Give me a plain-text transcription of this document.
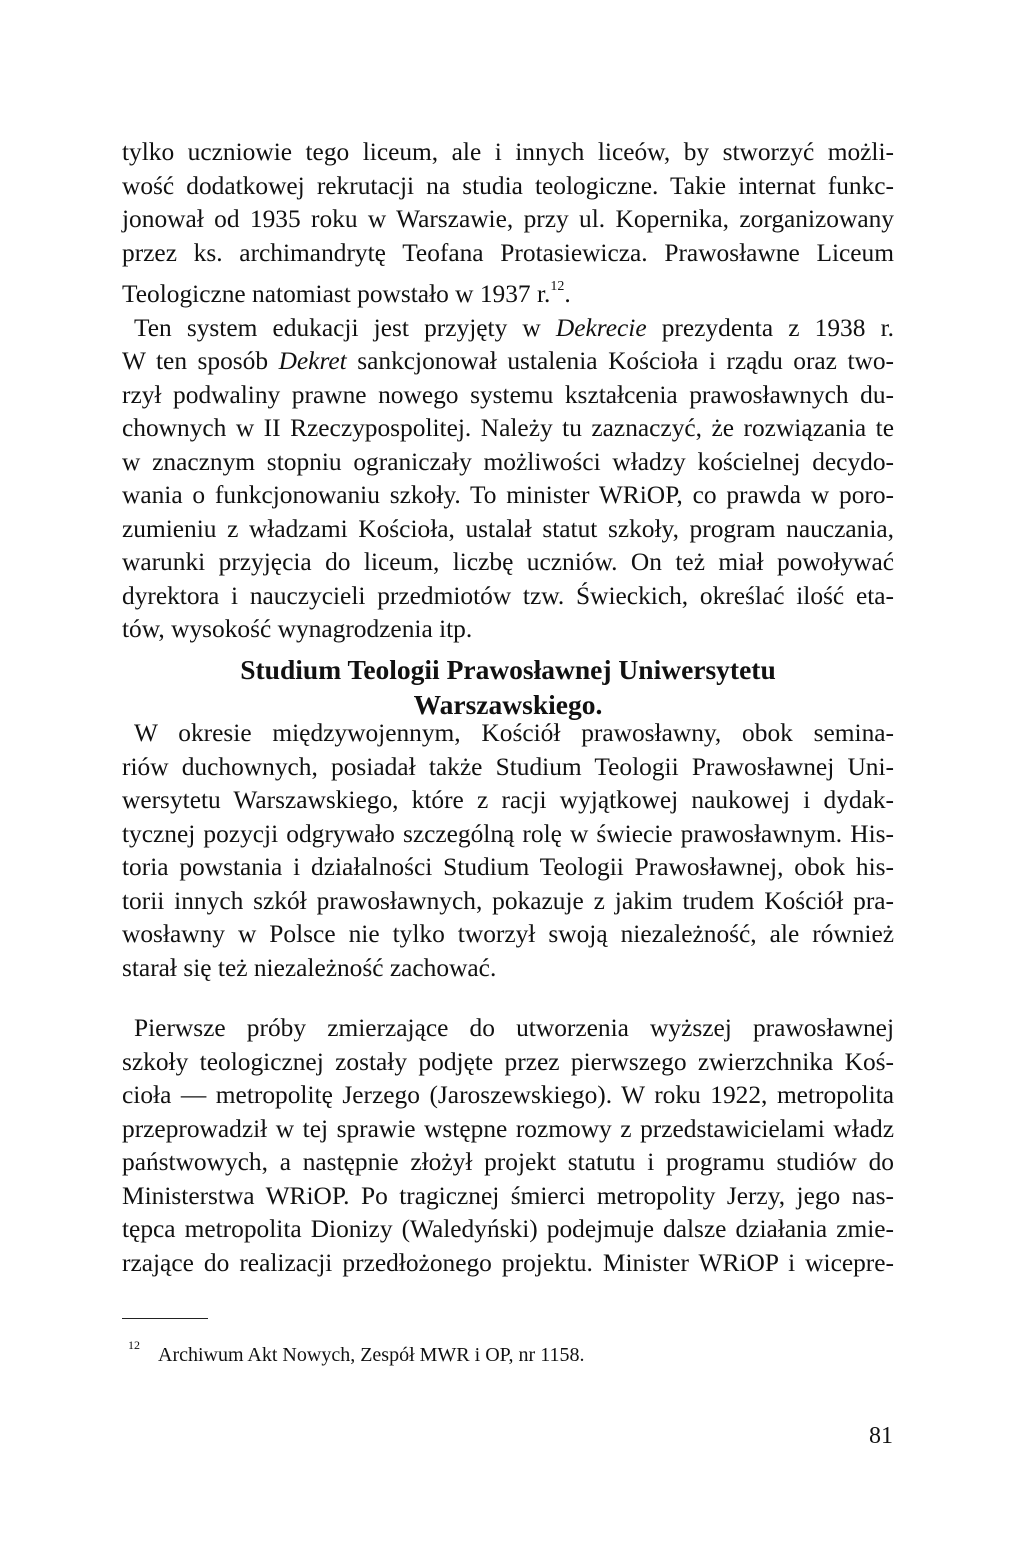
tylko uczniowie tego liceum, ale i innych liceów, by stworzyć możli-
wość dodatkowej rekrutacji na studia teologiczne. Takie internat funkc-
jonował od 1935 roku w Warszawie, przy ul. Kopernika, zorganizowany
przez ks. archimandrytę Teofana Protasiewicza. Prawosławne Liceum
Teologiczne natomiast powstało w 1937 r.$^{12}$.
Ten system edukacji jest przyjęty w Dekrecie prezydenta z 1938 r.
W ten sposób Dekret sankcjonował ustalenia Kościoła i rządu oraz two-
rzył podwaliny prawne nowego systemu kształcenia prawosławnych du-
chownych w II Rzeczypospolitej. Należy tu zaznaczyć, że rozwiązania te
w znacznym stopniu ograniczały możliwości władzy kościelnej decydo-
wania o funkcjonowaniu szkoły. To minister WRiOP, co prawda w poro-
zumieniu z władzami Kościoła, ustalał statut szkoły, program nauczania,
warunki przyjęcia do liceum, liczbę uczniów. On też miał powoływać
dyrektora i nauczycieli przedmiotów tzw. Świeckich, określać ilość eta-
tów, wysokość wynagrodzenia itp.
Studium Teologii Prawosławnej Uniwersytetu
Warszawskiego.
W okresie międzywojennym, Kościół prawosławny, obok semina-
riów duchownych, posiadał także Studium Teologii Prawosławnej Uni-
wersytetu Warszawskiego, które z racji wyjątkowej naukowej i dydak-
tycznej pozycji odgrywało szczególną rolę w świecie prawosławnym. His-
toria powstania i działalności Studium Teologii Prawosławnej, obok his-
torii innych szkół prawosławnych, pokazuje z jakim trudem Kościół pra-
wosławny w Polsce nie tylko tworzył swoją niezależność, ale również
starał się też niezależność zachować.
Pierwsze próby zmierzające do utworzenia wyższej prawosławnej
szkoły teologicznej zostały podjęte przez pierwszego zwierzchnika Koś-
cioła — metropolitę Jerzego (Jaroszewskiego). W roku 1922, metropolita
przeprowadził w tej sprawie wstępne rozmowy z przedstawicielami władz
państwowych, a następnie złożył projekt statutu i programu studiów do
Ministerstwa WRiOP. Po tragicznej śmierci metropolity Jerzy, jego nas-
tępca metropolita Dionizy (Waledyński) podejmuje dalsze działania zmie-
rzające do realizacji przedłożonego projektu. Minister WRiOP i wicepre-
12 Archiwum Akt Nowych, Zespół MWR i OP, nr 1158.
81
